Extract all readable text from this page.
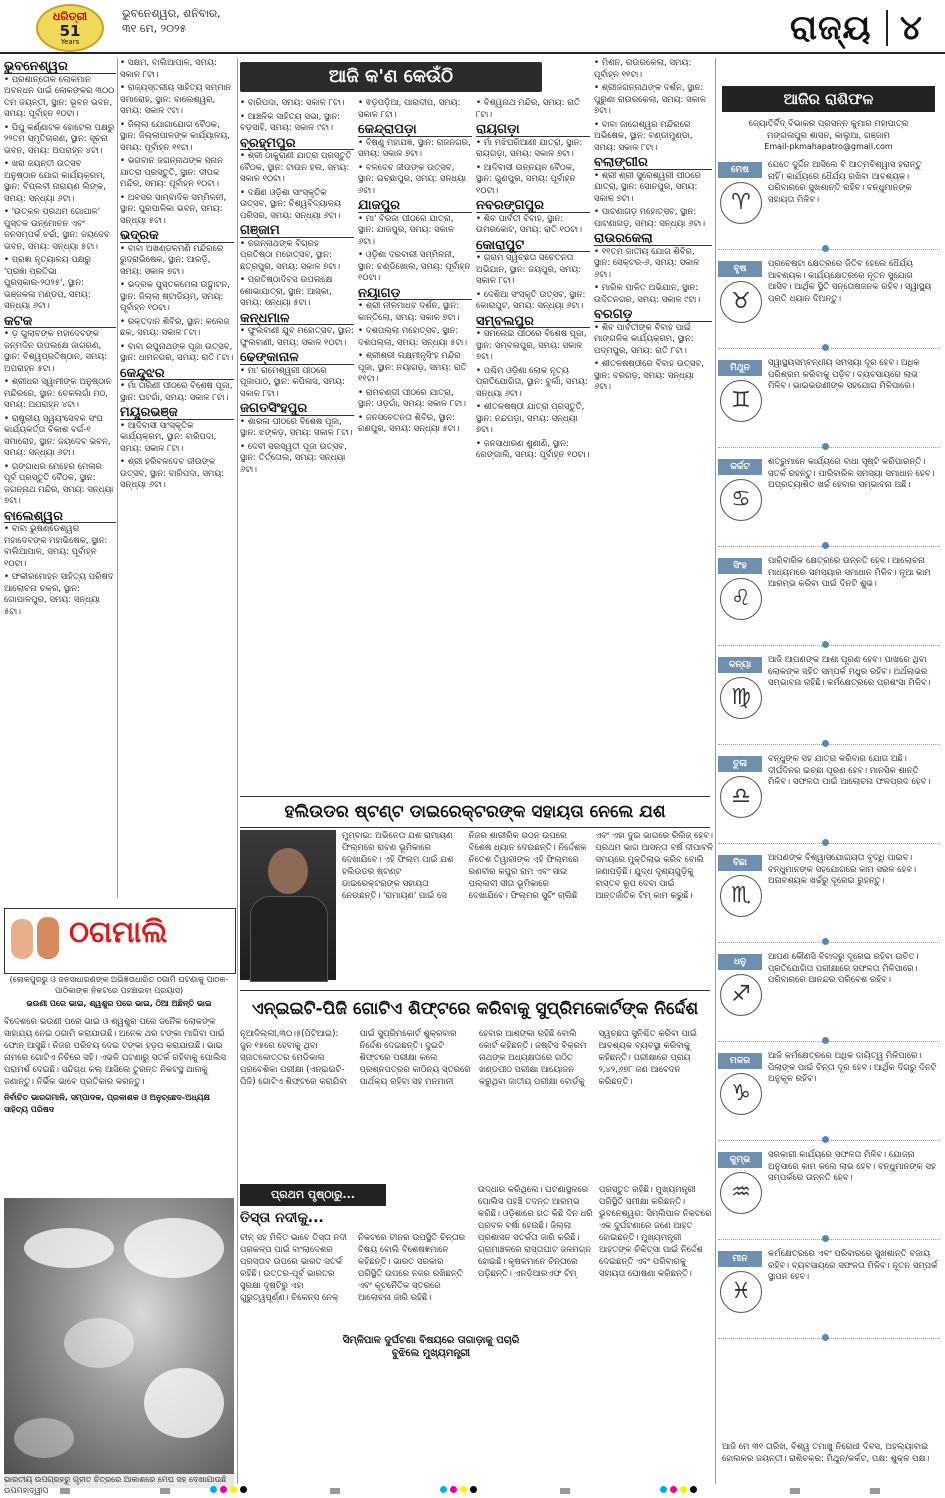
ଧରିତ୍ରୀ
51
Years
ଭୁବନେଶ୍ୱର, ଶନିବାର,
୩୧ ମେ, ୨୦୨୫	ରାଜ୍ୟ ୪
ଆଜି କ'ଣ କେଉଁଠି
ଭୁବନେଶ୍ୱର

• ପ୍ରଶାନ୍ତୋକ ଲୋକମାନ ଅବନ୍ଧନ ପାଇଁ ଲୋକଙ୍କର ୩୦୦ ତମ ଜୟନ୍ତୀ, ସ୍ଥାନ: ଭୂବନ ଭବନ, ସମୟ: ପୂର୍ବାହ୍ନ ୧୦ଟା।

• ପିପୁ କର୍ଣ୍ଣାଟକ ହୋଟେଲ ପକ୍ଷରୁ ୨୨ତମ ସ୍ମୃତିଚାରଣ, ସ୍ଥାନ: ସୂଚନା ଭବନ, ସମୟ: ଅପରାହ୍ନ ୪ଟା।

• ଖରା ଜୟନ୍ତୀ ଉତ୍ସବ ଅନୁଷ୍ଠାନ ଯୋଗ କାର୍ଯ୍ୟକ୍ରମ, ସ୍ଥାନ: ବିପ୍ଲବୀ ନାରାୟଣ ଲିଙ୍କ, ସମୟ: ସନ୍ଧ୍ୟା ୬ଟା।

• 'ଉତ୍କଳ ପ୍ରଥମ ଗୋପାଳ' ପୁସ୍ତକ ଉନ୍ମୋଚନ ଏବଂ ଜନସମ୍ପର୍କ ଚର୍ଚ୍ଚା, ସ୍ଥାନ: ଜୟଦେବ ଭବନ, ସମୟ: ସନ୍ଧ୍ୟା ୫ଟା।

• ପ୍ରଜ୍ଞା ନୃତ୍ୟାଳୟ ପକ୍ଷରୁ 'ପ୍ରଜ୍ଞା ପ୍ରତିଭା ପୁରସ୍କାର-୨୦୨୫', ସ୍ଥାନ: ଭଞ୍ଜକଳା ମଣ୍ଡପ, ସମୟ: ସନ୍ଧ୍ୟା ୬ଟା।

କଟକ

• ଡ଼ ଗୁଲାବଙ୍କ ମହାଦେବଙ୍କ ଜନ୍ମଦିନ ଉପଲକ୍ଷେ ଜାଗରଣ, ସ୍ଥାନ: ବିଶ୍ୱପ୍ରତିଷ୍ଠାନ, ସମୟ: ଅପରାହ୍ନ ୫ଟା।

• ଶ୍ରୀଧର ସ୍ୱାମୀଙ୍କ ଅନୁଷ୍ଠାନ ମନ୍ଦିରରେ, ସ୍ଥାନ: ଚେକଲଗାଁ ମଠ, ସମୟ: ଅପରାହ୍ନ ୪ଟା।

• ରାଷ୍ଟ୍ରୀୟ ସ୍ୱୟଂସେବକ ସଂଘ କାର୍ଯ୍ୟକର୍ତ୍ତା ବିକାଶ ବର୍ଗ-୧ ସମାରୋହ, ସ୍ଥାନ: ଜୟଦେବ ଭବନ, ସମୟ: ସନ୍ଧ୍ୟା ୬ଟା।

• ଗଙ୍ଗାଧର ମେହେର ମେଳାର ପୂର୍ବ ପ୍ରସ୍ତୁତି ବୈଠକ, ସ୍ଥାନ: ଜଗନ୍ନାଥ ମନ୍ଦିର, ସମୟ: ସନ୍ଧ୍ୟା ୭ଟା।

ବାଲେଶ୍ୱର

• ବାବା ଭୁଷଣ୍ଡେଶ୍ୱର ମହାଦେବଙ୍କ ମହାଭିଷେକ, ସ୍ଥାନ: ବାଲିଆପାଳ, ସମୟ: ପୂର୍ବାହ୍ନ ୧୦ଟା।

• ଫକୀରମୋହନ ସାହିତ୍ୟ ପରିଷଦ ଆଲୋଚନା ଚକ୍ର, ସ୍ଥାନ: ଗୋପାଳପୁର, ସମୟ: ସନ୍ଧ୍ୟା ୫ଟା।

• ସକ୍ଷମ, ବାଲିଆପାଳ, ସମୟ: ସକାଳ ୮ଟା।

• ରାଜ୍ୟସ୍ତରୀୟ ସାହିତ୍ୟ ସମ୍ମାନ ସମାରୋହ, ସ୍ଥାନ: ବାଲେଶ୍ୱର, ସମୟ: ସକାଳ ୯ଟା।

• ଜିଲ୍ଲା ଯୋଗାଯୋଗ ବୈଠକ, ସ୍ଥାନ: ଜିଲ୍ଲାପାଳଙ୍କ କାର୍ଯ୍ୟାଳୟ, ସମୟ: ପୂର୍ବାହ୍ନ ୧୧ଟା।

• ଭଗବାନ ଜଗନ୍ନାଥଙ୍କ ସ୍ନାନ ଯାତ୍ରା ପ୍ରସ୍ତୁତି, ସ୍ଥାନ: ଦୀପକ ମନ୍ଦିର, ସମୟ: ପୂର୍ବାହ୍ନ ୧୦ଟା।

• ଅବସର ସାମ୍ବାଦିକ ସମ୍ମିଳନୀ, ସ୍ଥାନ: ପୁରପାଳିକା ଭବନ, ସମୟ: ସନ୍ଧ୍ୟା ୫ଟା।

ଭଦ୍ରକ

• ବାବା ଅଖଣ୍ଡଳମଣି ମନ୍ଦିରରେ ରୁଦ୍ରାଭିଷେକ, ସ୍ଥାନ: ଆରଡ଼ି, ସମୟ: ସକାଳ ୭ଟା।

• ଭଦ୍ରକ ପୁସ୍ତକମେଳା ଉଦ୍ଘାଟନ, ସ୍ଥାନ: ଜିଲ୍ଲା ଷ୍ଟାଡିୟମ୍, ସମୟ: ପୂର୍ବାହ୍ନ ୧୦ଟା।

• ରକ୍ତଦାନ ଶିବିର, ସ୍ଥାନ: କଲେଜ ଛକ, ସମୟ: ସକାଳ ୮ଟା।

• ବାବା ରଘୁନାଥଙ୍କ ପୂଜା ଉତ୍ସବ, ସ୍ଥାନ: ଧାମନଗର, ସମୟ: ରାତି ୮ଟା।

କେନ୍ଦୁଝର

• ମାଁ ତାରିଣୀ ପୀଠରେ ବିଶେଷ ପୂଜା, ସ୍ଥାନ: ଘଟଗାଁ, ସମୟ: ସକାଳ ୮ଟା।

ମୟୂରଭଞ୍ଜ

• ଆଦିବାସୀ ସାଂସ୍କୃତିକ କାର୍ଯ୍ୟକ୍ରମ, ସ୍ଥାନ: ବାରିପଦା, ସମୟ: ସକାଳ ୮ଟା।

• ଶ୍ରୀ ହରିବଳଦେବ ଜୀଉଙ୍କ ଉତ୍ସବ, ସ୍ଥାନ: ବାରିପଦା, ସମୟ: ସନ୍ଧ୍ୟା ୬ଟା।

• ବାରିପଦା, ସମୟ: ସକାଳ ୮ଟା।

• ଆଞ୍ଚଳିକ ସାହିତ୍ୟ ସଭା, ସ୍ଥାନ: ବଡ଼ସାହି, ସମୟ: ସକାଳ ୯ଟା।

ବ୍ରହ୍ମପୁର

• ଶ୍ରୀ ଠାକୁରାଣୀ ଯାତ୍ରା ପ୍ରସ୍ତୁତି ବୈଠକ, ସ୍ଥାନ: ଟାଉନ ହଲ, ସମୟ: ସକାଳ ୧୦ଟା।

• ଦକ୍ଷିଣ ଓଡ଼ିଶା ସାଂସ୍କୃତିକ ଉତ୍ସବ, ସ୍ଥାନ: ବିଶ୍ୱବିଦ୍ୟାଳୟ ପରିସର, ସମୟ: ସନ୍ଧ୍ୟା ୬ଟା।

ଗଞ୍ଜାମ

• ଜଗନ୍ନାଥଙ୍କ ବିଗ୍ରହ ପ୍ରତିଷ୍ଠା ମହୋତ୍ସବ, ସ୍ଥାନ: ଛତ୍ରପୁର, ସମୟ: ସକାଳ ୭ଟା।

• ପ୍ରତିଷ୍ଠାଦିବସ ଉପଲକ୍ଷେ ଶୋଭାଯାତ୍ରା, ସ୍ଥାନ: ଆସ୍କା, ସମୟ: ସନ୍ଧ୍ୟା ୫ଟା।

କନ୍ଧମାଳ

• ଫୁଲବାଣୀ ଯୁବ ମହୋତ୍ସବ, ସ୍ଥାନ: ଫୁଲବାଣୀ, ସମୟ: ସକାଳ ୧୦ଟା।

ଢେଙ୍କାନାଳ

• ମା' ରାମେଶ୍ୱରୀ ପୀଠରେ ପୂଜାପାଠ, ସ୍ଥାନ: କପିଳାସ, ସମୟ: ସକାଳ ୮ଟା।

ଜଗତସିଂହପୁର

• ଶାରଳା ପୀଠରେ ବିଶେଷ ପୂଜା, ସ୍ଥାନ: ଝଙ୍କଡ଼, ସମୟ: ସକାଳ ୮ଟା।

• ଦେବୀ ସରସ୍ୱତୀ ପୂଜା ଉତ୍ସବ, ସ୍ଥାନ: ତିର୍ତ୍ତୋଲ, ସମୟ: ସନ୍ଧ୍ୟା ୬ଟା।

• ଵଡ଼ପଡ଼ିଆ, ପାରାଦୀପ, ସମୟ: ସକାଳ ୮ଟା।

କେନ୍ଦ୍ରାପଡ଼ା

• ବିଷ୍ଣୁ ମହାଯଜ୍ଞ, ସ୍ଥାନ: ରାଜନଗର, ସମୟ: ସକାଳ ୭ଟା।

• ବଳଦେବ ଜୀଉଙ୍କ ଉତ୍ସବ, ସ୍ଥାନ: ଇଚ୍ଛାପୁର, ସମୟ: ସନ୍ଧ୍ୟା ୬ଟା।

ଯାଜପୁର

• ମା' ବିରଜା ପୀଠରେ ଯାତ୍ରା, ସ୍ଥାନ: ଯାଜପୁର, ସମୟ: ସକାଳ ୬ଟା।

• ଓଡ଼ିଶା ଦରବାରୀ ସମ୍ମିଳନୀ, ସ୍ଥାନ: ଚଣ୍ଡିଖୋଲ, ସମୟ: ପୂର୍ବାହ୍ନ ୧୦ଟା।

ନୟାଗଡ଼

• ଶ୍ରୀ ନୀଳମାଧବ ଦର୍ଶନ, ସ୍ଥାନ: କାନ୍ତିଲୋ, ସମୟ: ସକାଳ ୭ଟା।

• ଦଶପଲ୍ଲା ମହୋତ୍ସବ, ସ୍ଥାନ: ଦଶପଲ୍ଲା, ସମୟ: ସନ୍ଧ୍ୟା ୫ଟା।

• ଶ୍ରୀଶ୍ରୀ ଲକ୍ଷ୍ମୀନୃସିଂହ ମନ୍ଦିର ପୂଜା, ସ୍ଥାନ: ନୟାଗଡ଼, ସମୟ: ରାତି ୧୧ଟା।

• ରାମଚଣ୍ଡୀ ପୀଠରେ ଯାତ୍ରା, ସ୍ଥାନ: ଓଡ଼ଗାଁ, ସମୟ: ସକାଳ ୮ଟା।

• ଜନସଚେତନତା ଶିବିର, ସ୍ଥାନ: ରଣପୁର, ସମୟ: ସନ୍ଧ୍ୟା ୫ଟା।

• ବିଶ୍ୱନାଥ ମନ୍ଦିର, ସମୟ: ରାତି ୮ଟା।

ରାୟଗଡ଼ା

• ମାଁ ମଝିଘରିଆଣୀ ଯାତ୍ରା, ସ୍ଥାନ: ରାୟଗଡ଼ା, ସମୟ: ସକାଳ ୭ଟା।

• ଆଦିବାସୀ ଉନ୍ନୟନ ବୈଠକ, ସ୍ଥାନ: ଗୁଣପୁର, ସମୟ: ପୂର୍ବାହ୍ନ ୧୦ଟା।

ନବରଙ୍ଗପୁର

• ଶିବ ପାର୍ବତୀ ବିବାହ, ସ୍ଥାନ: ଉମରକୋଟ, ସମୟ: ରାତି ୧୦ଟା।

କୋରାପୁଟ

• ଗ୍ରାମ ସ୍ୱଚ୍ଛତା ସଚେତନତା ଅଭିଯାନ, ସ୍ଥାନ: ଜୟପୁର, ସମୟ: ସକାଳ ୮ଟା।

• ଦେଶିଆ ସଂସ୍କୃତି ଉତ୍ସବ, ସ୍ଥାନ: କୋରାପୁଟ, ସମୟ: ସନ୍ଧ୍ୟା ୬ଟା।

ସମ୍ବଲପୁର

• ସମଲେଇ ପୀଠରେ ବିଶେଷ ପୂଜା, ସ୍ଥାନ: ସମ୍ବଲପୁର, ସମୟ: ସକାଳ ୭ଟା।

• ପଶ୍ଚିମ ଓଡ଼ିଶା ଲୋକ ନୃତ୍ୟ ପ୍ରତିଯୋଗିତା, ସ୍ଥାନ: ବୁର୍ଲା, ସମୟ: ସନ୍ଧ୍ୟା ୬ଟା।

• ଶୀତଳଷଷ୍ଠୀ ଯାତ୍ରା ପ୍ରସ୍ତୁତି, ସ୍ଥାନ: ନନ୍ଦପଡ଼ା, ସମୟ: ସନ୍ଧ୍ୟା ୭ଟା।

• ଜନସାଧାରଣ ଶୁଣାଣି, ସ୍ଥାନ: ରେଙ୍ଗାଲି, ସମୟ: ପୂର୍ବାହ୍ନ ୧୦ଟା।

• ମିଶନ, ରାଉରକେଲା, ସମୟ: ପୂର୍ବାହ୍ନ ୧୧ଟା।

• ଶ୍ରୀଜଗନ୍ନାଥଙ୍କ ଦର୍ଶନ, ସ୍ଥାନ: ପୁରୁଣା ରାଉରକେଲା, ସମୟ: ସକାଳ ୭ଟା।

• ବାବା ଜାଗେଶ୍ୱର ମନ୍ଦିରରେ ଅଭିଷେକ, ସ୍ଥାନ: ବଣ୍ଡାମୁଣ୍ଡା, ସମୟ: ସକାଳ ୮ଟା।

ବଲାଙ୍ଗୀର

• ଶ୍ରୀ ଶ୍ରୀ ସୁରେଶ୍ୱରୀ ପୀଠରେ ଯାତ୍ରା, ସ୍ଥାନ: ସୋନପୁର, ସମୟ: ସକାଳ ୭ଟା।

• ପାଟଣାଗଡ଼ ମହୋତ୍ସବ, ସ୍ଥାନ: ପାଟଣାଗଡ଼, ସମୟ: ସନ୍ଧ୍ୟା ୬ଟା।

ରାଉରକେଲା

• ୧୧ତମ ଜାତୀୟ ଯୋଗ ଶିବିର, ସ୍ଥାନ: ସେକ୍ଟର-୬, ସମୟ: ସକାଳ ୬ଟା।

• ମାରିକ ପାଳିତ ଅଭିଯାନ, ସ୍ଥାନ: ଉଦିତନଗର, ସମୟ: ସକାଳ ୯ଟା।

ବରଗଡ଼

• ଶିବ ପାର୍ବତୀଙ୍କ ବିବାହ ପାଇଁ ମାଙ୍ଗଳିକ କାର୍ଯ୍ୟକ୍ରମ, ସ୍ଥାନ: ପଦ୍ମପୁର, ସମୟ: ରାତି ୮ଟା।

• ଶୀତଳଷଷ୍ଠୀରେ ବିବାହ ଉତ୍ସବ, ସ୍ଥାନ: ବରଗଡ଼, ସମୟ: ସନ୍ଧ୍ୟା ୬ଟା।

ଆଜିର ରାଶିଫଳ
ଜ୍ୟୋତିର୍ବିଦ୍ ବିଭାକର ପ୍ରସନ୍ନ କୁମାର ମହାପାତ୍ର
ମଙ୍ଗଳାପୁର ଶାସନ, କାଲୁଆ, ଗଞ୍ଜାମ
Email-pkmahapatro@gmail.com
ମେଷ
♈
ଯେତେ ଦୁର୍ଦ୍ଦିନ ଆସିଲେ ବି ଆତ୍ମବିଶ୍ୱାସ ହରାନ୍ତୁ ନାହିଁ। କାର୍ଯ୍ୟରେ ଧୈର୍ଯ୍ୟ ରଖିବା ଆବଶ୍ୟକ। ପରିବାରରେ ସୁଖଶାନ୍ତି ରହିବ। ବନ୍ଧୁମାନଙ୍କ ସହାୟତା ମିଳିବ।
ବୃଷ
♉
ପ୍ରଚେଷ୍ଟା କ୍ଷେତ୍ରରେ ଜିତିବ ହେଲେ ଧୈର୍ଯ୍ୟ ଆବଶ୍ୟକ। କାର୍ଯ୍ୟକ୍ଷେତ୍ରରେ ନୂତନ ସୁଯୋଗ ଆସିବ। ଆର୍ଥିକ ସ୍ଥିତି ସନ୍ତୋଷଜନକ ରହିବ। ସ୍ୱାସ୍ଥ୍ୟ ପ୍ରତି ଧ୍ୟାନ ଦିଅନ୍ତୁ।
ମିଥୁନ
♊
ସ୍ୱାସ୍ଥ୍ୟସମ୍ବନ୍ଧୀୟ ସମସ୍ୟା ଦୂର ହେବ। ଅଧିକ ପରିଶ୍ରମ କରିବାକୁ ପଡ଼ିବ। ବ୍ୟବସାୟରେ ଲାଭ ମିଳିବ। ଭାଇଭଉଣୀଙ୍କ ସହଯୋଗ ମିଳିପାରେ।
କର୍କଟ
♋
ଶତ୍ରୁମାନେ କାର୍ଯ୍ୟରେ ବାଧା ସୃଷ୍ଟି କରିପାରନ୍ତି। ସତର୍କ ରହନ୍ତୁ। ପାରିବାରିକ ସମସ୍ୟା ସମାଧାନ ହେବ। ଅପ୍ରତ୍ୟାଶିତ ଖର୍ଚ୍ଚ ହେବାର ସମ୍ଭାବନା ଅଛି।
ସିଂହ
♌
ପାରିବାରିକ କ୍ଷେତ୍ରରେ ଉନ୍ନତି ହେବ। ଆଲୋଚନା ମାଧ୍ୟମରେ ସମସ୍ୟାର ସମାଧାନ ମିଳିବ। ନୂଆ କାମ ଆରମ୍ଭ କରିବା ପାଇଁ ଦିନଟି ଶୁଭ।
କନ୍ୟା
♍
ଆଜି ଆପଣଙ୍କ ଆଶା ପୂରଣ ହେବ। ପାଖରେ ଥିବା ଲୋକଙ୍କ ସହିତ ସମ୍ପର୍କ ମଧୁର ରହିବ। ଅର୍ଥଲାଭର ସମ୍ଭାବନା ରହିଛି। କର୍ମକ୍ଷେତ୍ରରେ ପ୍ରଶଂସା ମିଳିବ।
ତୁଳା
♎
ବନ୍ଧୁଙ୍କ ସହ ଯାତ୍ରା କରିବାର ଯୋଗ ଅଛି। ଦୀର୍ଘଦିନର ଇଚ୍ଛା ପୂରଣ ହେବ। ମାନସିକ ଶାନ୍ତି ମିଳିବ। ସଫଳତା ପାଇଁ ଆଲୋଚନା ଫଳପ୍ରଦ ହେବ।
ବିଛା
♏
ଆପଣଙ୍କ ବିଶ୍ୱାସଯୋଗ୍ୟତା ବୃଦ୍ଧି ପାଇବ। ବନ୍ଧୁମାନଙ୍କ ସହଯୋଗରେ କାମ ସରଳ ହେବ। ଅନାବଶ୍ୟକ ଖର୍ଚ୍ଚରୁ ଦୂରେଇ ରୁହନ୍ତୁ।
ଧନୁ
♐
ଆପଣ କୌଣସି ବିବାଦରୁ ଦୂରେଇ ରହିବା ଉଚିତ। ପ୍ରତିଯୋଗିତା ପରୀକ୍ଷାରେ ସଫଳତା ମିଳିପାରେ। ପରିବାରରେ ଆନନ୍ଦର ପରିବେଶ ରହିବ।
ମକର
♑
ଆଜି କର୍ମକ୍ଷେତ୍ରରେ ଅଧିକ ଦାୟିତ୍ୱ ମିଳିପାରେ। ପିଲାଙ୍କ ପାଇଁ ଚିନ୍ତା ଦୂର ହେବ। ଆର୍ଥିକ ଦିଗରୁ ଦିନଟି ଅନୁକୂଳ ରହିବ।
କୁମ୍ଭ
♒
ସରକାରୀ କାର୍ଯ୍ୟରେ ସଫଳତା ମିଳିବ। ଯୋଜନା ଅନୁସାରେ କାମ କଲେ ଲାଭ ହେବ। ବନ୍ଧୁମାନଙ୍କ ସହ ସମ୍ପର୍କରେ ଉନ୍ନତି ହେବ।
ମୀନ
♓
କର୍ମକ୍ଷେତ୍ରରେ ଏବଂ ପରିବାରରେ ସୁଖଶାନ୍ତି ବଜାୟ ରହିବ। ବ୍ୟବସାୟରେ ସଫଳତା ମିଳିବ। ନୂତନ ସମ୍ପର୍କ ସ୍ଥାପନ ହେବ।
ଆଜି ମେ ୩୧ ତାରିଖ, ବିଶ୍ୱ ତମାଖୁ ନିରୋଧୀ ଦିବସ, ଅହଲ୍ୟାବାଇ ହୋଲକର ଜୟନ୍ତୀ। ରାଶିଚକ୍ର: ମିଥୁନ/କର୍କଟ, ପକ୍ଷ: ଶୁକ୍ଳ ପକ୍ଷ।
ହଲିଉଡର ଷ୍ଟଣ୍ଟ ଡାଇରେକ୍ଟରଙ୍କ ସହାୟତା ନେଲେ ଯଶ
ମୁମ୍ବାଇ: ଅଭିନେତା ଯଶ ରାମାୟଣ ଫିଲ୍ମରେ ରାବଣ ଭୂମିକାରେ ଦେଖାଯିବେ। ଏହି ଫିଲ୍ମ ପାଇଁ ଯଶ ହଲିଉଡର ଷ୍ଟଣ୍ଟ ଡାଇରେକ୍ଟରଙ୍କ ସହାୟତା ନେଉଛନ୍ତି। 'ରାମାୟଣ' ପାଇଁ ସେ ନିଜର ଶାରୀରିକ ଗଠନ ଉପରେ ବିଶେଷ ଧ୍ୟାନ ଦେଉଛନ୍ତି। ନିର୍ଦ୍ଦେଶକ ନିତେଶ ତିୱାରୀଙ୍କ ଏହି ଫିଲ୍ମରେ ରଣବୀର କପୁର ରାମ ଏବଂ ସାଇ ପଲ୍ଲବୀ ସୀତା ଭୂମିକାରେ ଦେଖାଯିବେ। ଫିଲ୍ମର ସୁଟିଂ ଚାଲିଛି ଏବଂ ଏହା ଦୁଇ ଭାଗରେ ରିଲିଜ୍ ହେବ। ପ୍ରଥମ ଭାଗ ଆସନ୍ତା ବର୍ଷ ଦୀପାବଳି ସମୟରେ ମୁକ୍ତିଲାଭ କରିବ ବୋଲି ଜଣାପଡ଼ିଛି। ଯୁଦ୍ଧ ଦୃଶ୍ୟଗୁଡ଼ିକୁ ବାସ୍ତବ ରୂପ ଦେବା ପାଇଁ ଆନ୍ତର୍ଜାତିକ ଟିମ୍ କାମ କରୁଛି।
ଏନ୍‌ଇଇଟି-ପିଜି ଗୋଟିଏ ଶିଫ୍ଟରେ କରିବାକୁ ସୁପ୍ରିମକୋର୍ଟଙ୍କ ନିର୍ଦ୍ଦେଶ
ନୂଆଦିଲ୍ଲୀ,୩୦।୫(ପିଟିଆଇ): ଜୁନ ୧୫ରେ ହେବାକୁ ଥିବା ସ୍ନାତକୋତ୍ତର ମେଡିକାଲ ପ୍ରବେଶିକା ପରୀକ୍ଷା (ଏନ୍‌ଇଇଟି-ପିଜି) ଗୋଟିଏ ଶିଫ୍ଟରେ କରାଯିବା ପାଇଁ ସୁପ୍ରିମକୋର୍ଟ ଶୁକ୍ରବାର ନିର୍ଦ୍ଦେଶ ଦେଇଛନ୍ତି। ଦୁଇଟି ଶିଫ୍ଟରେ ପରୀକ୍ଷା କଲେ ପ୍ରଶ୍ନପତ୍ରର କାଠିନ୍ୟ ସ୍ତରରେ ପାର୍ଥକ୍ୟ ରହିବା ସହ ମନମାନୀ ହେବାର ଆଶଙ୍କା ରହିଛି ବୋଲି କୋର୍ଟ କହିଛନ୍ତି। ଜଷ୍ଟିସ ବିକ୍ରମ ନାଥଙ୍କ ଅଧ୍ୟକ୍ଷତାରେ ଗଠିତ ଖଣ୍ଡପୀଠ ପରୀକ୍ଷା ଆୟୋଜନ କରୁଥିବା ଜାତୀୟ ପରୀକ୍ଷା ବୋର୍ଡକୁ ସ୍ୱଚ୍ଛତା ସୁନିଶ୍ଚିତ କରିବା ପାଇଁ ଆବଶ୍ୟକ ବ୍ୟବସ୍ଥା କରିବାକୁ କହିଛନ୍ତି। ପରୀକ୍ଷାରେ ପ୍ରାୟ ୨,୪୨,୬୭୮ ଜଣ ଆବେଦନ କରିଛନ୍ତି।
ପ୍ରଥମ ପୃଷ୍ଠାରୁ...
ତିସ୍ତା ନଦୀକୁ...
ଚୀନ୍ ସହ ମିଳିତ ଭାବେ ତିସ୍ତା ନଦୀ ପ୍ରକଳ୍ପ ପାଇଁ ବାଂଲାଦେଶର ପ୍ରସ୍ତାବ ଉପରେ ଭାରତ ସତର୍କ ରହିଛି। ଉତ୍ତର-ପୂର୍ବ ଭାରତର ସୁରକ୍ଷା ଦୃଷ୍ଟିରୁ ଏହା ଗୁରୁତ୍ୱପୂର୍ଣ୍ଣ। ଚିକେନ୍ସ ନେକ୍ ନିକଟରେ ଚୀନର ଉପସ୍ଥିତି ଚିନ୍ତାର ବିଷୟ ବୋଲି ବିଶେଷଜ୍ଞମାନେ କହିଛନ୍ତି। ଭାରତ ସରକାର ପରିସ୍ଥିତି ଉପରେ ନଜର ରଖିଛନ୍ତି ଏବଂ କୂଟନୈତିକ ସ୍ତରରେ ଆଲୋଚନା ଜାରି ରହିଛି।
ଉଦ୍ଧାର କରିଥିଲେ। ଘଟଣାସ୍ଥଳରେ ପୋଲିସ ପହଞ୍ଚି ତଦନ୍ତ ଆରମ୍ଭ କରିଛି। ଓଡ଼ିଶାରେ ଗତ କିଛି ଦିନ ଧରି ପ୍ରବଳ ବର୍ଷା ହେଉଛି। ଜିଲ୍ଲା ପ୍ରଶାସନ ସତର୍କତା ଜାରି କରିଛି। ଗ୍ରାମାଞ୍ଚଳରେ ରାସ୍ତାଘାଟ ଜଳମଗ୍ନ ହୋଇଛି। କୃଷକମାନେ ଚିନ୍ତାରେ ପଡ଼ିଛନ୍ତି। ଏନଡିଆରଏଫ ଟିମ୍ ପ୍ରସ୍ତୁତ ରହିଛି। ମୁଖ୍ୟମନ୍ତ୍ରୀ ପରିସ୍ଥିତି ସମୀକ୍ଷା କରିଛନ୍ତି। ଭୁବନେଶ୍ୱର: ସିମ୍ଲିପାଳ ନିକଟରେ ଏକ ଦୁର୍ଘଟଣାରେ ଜଣେ ଆହତ ହୋଇଛନ୍ତି। ମୁଖ୍ୟମନ୍ତ୍ରୀ ଆହତଙ୍କ ଚିକିତ୍ସା ପାଇଁ ନିର୍ଦ୍ଦେଶ ଦେଇଛନ୍ତି ଏବଂ ପରିବାରକୁ ସହାୟତା ଘୋଷଣା କରିଛନ୍ତି।
ସିମ୍ଳିପାଳ ଦୁର୍ଘଟଣା ବିଷୟରେ ତାଗାଡ଼ାକୁ ପଚାରି ବୁଝିଲେ ମୁଖ୍ୟମନ୍ତ୍ରୀ
ଠଗମାଲି
(ଲୋକପୁରରୁ ଓ ଜନସାଧାରଣଙ୍କ ଅଭିଜ୍ଞତାଧାରିତ ଠଗାମି ଘଟଣାକୁ ପାଠକ-ପାଠିକାଙ୍କ ନିକଟରେ ପହଞ୍ଚାଇବା ପ୍ରୟାସ)
ଭଉଣୀ ପରେ ଭାଇ, ଶ୍ୱଶୁର ପରେ ଭାଇ, ଠିଆ ଅଛିନ୍ତି ଭାଇ
ବିଦେଶରେ ଭଉଣୀ ପରେ ଭାଇ ଓ ଶ୍ୱଶୁର ପରେ ଜନୈକ ଲୋକଙ୍କ ସାହାଯ୍ୟ ନେଇ ଠଗାମି କରାଯାଉଛି। ଅନେକ ଥର ଟଙ୍କା ମାଗିବା ପାଇଁ ଫୋନ୍ ଆସୁଛି। ନିଜର ପରିଚୟ ଦେଇ ଟଙ୍କା ହଡ଼ପ କରାଯାଉଛି। ଭାଇ ନାମରେ ଗୋଟିଏ ନିଚିରେ ସହି। ଏଭଳି ଘଟଣାରୁ ସତର୍କ ରହିବାକୁ ପୋଲିସ ପରାମର୍ଶ ଦେଇଛି। ସନ୍ଦିଗ୍ଧ କଲ୍ ଆସିଲେ ତୁରନ୍ତ ନିକଟସ୍ଥ ଥାନାକୁ ଜଣାନ୍ତୁ। ନିର୍ଭିକ ଭାବେ ପ୍ରତିକାର କରନ୍ତୁ।
ନିର୍ବାଚିତ ଭାରଗମାଳି, ସମ୍ପାଦକ, ପ୍ରକାଶକ ଓ ଅନୁଚ୍ଛେଦ-ଅଧ୍ୟକ୍ଷ ସାହିତ୍ୟ ପରିଷଦ
ଭାରତୀୟ ଉପଗ୍ରହରୁ ଗୃହୀତ ଚିତ୍ରରେ ଆକାଶରେ ମେଘ ସହ ଦେଖାଯାଉଛି ଉପମହାଦ୍ୱୀପ
